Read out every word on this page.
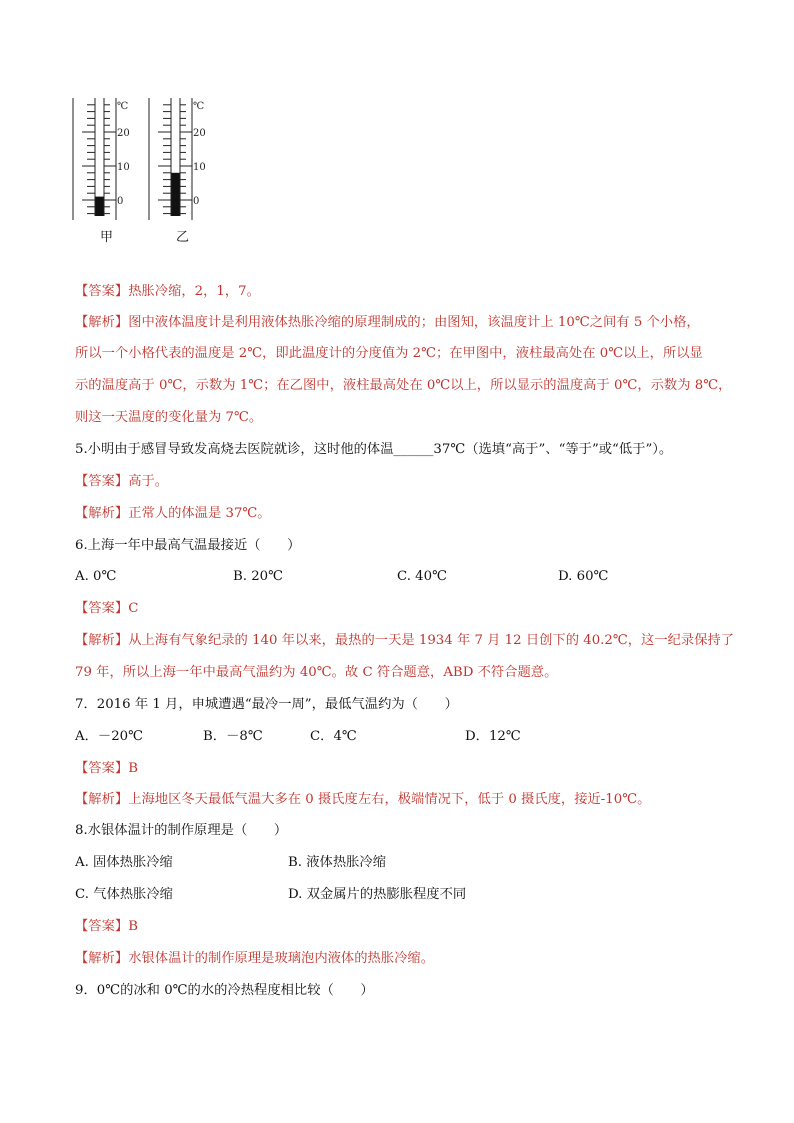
20
10
0
℃
20
10
0
℃
甲	乙
【答案】热胀冷缩，2，1，7。
【解析】图中液体温度计是利用液体热胀冷缩的原理制成的；由图知，该温度计上 10℃之间有 5 个小格，
所以一个小格代表的温度是 2℃，即此温度计的分度值为 2℃；在甲图中，液柱最高处在 0℃以上，所以显
示的温度高于 0℃，示数为 1℃；在乙图中，液柱最高处在 0℃以上，所以显示的温度高于 0℃，示数为 8℃，
则这一天温度的变化量为 7℃。
5.小明由于感冒导致发高烧去医院就诊，这时他的体温______37℃（选填“高于”、“等于”或“低于”）。
【答案】高于。
【解析】正常人的体温是 37℃。
6.上海一年中最高气温最接近（　　）
A. 0℃	B. 20℃	C. 40℃	D. 60℃
【答案】C
【解析】从上海有气象纪录的 140 年以来，最热的一天是 1934 年 7 月 12 日创下的 40.2℃，这一纪录保持了
79 年，所以上海一年中最高气温约为 40℃。故 C 符合题意，ABD 不符合题意。
7．2016 年 1 月，申城遭遇“最冷一周”，最低气温约为（　　）
A．－20℃	B．－8℃	C．4℃	D．12℃
【答案】B
【解析】上海地区冬天最低气温大多在 0 摄氏度左右，极端情况下，低于 0 摄氏度，接近-10℃。
8.水银体温计的制作原理是（　　）
A. 固体热胀冷缩	B. 液体热胀冷缩
C. 气体热胀冷缩	D. 双金属片的热膨胀程度不同
【答案】B
【解析】水银体温计的制作原理是玻璃泡内液体的热胀冷缩。
9．0℃的冰和 0℃的水的冷热程度相比较（　　）
